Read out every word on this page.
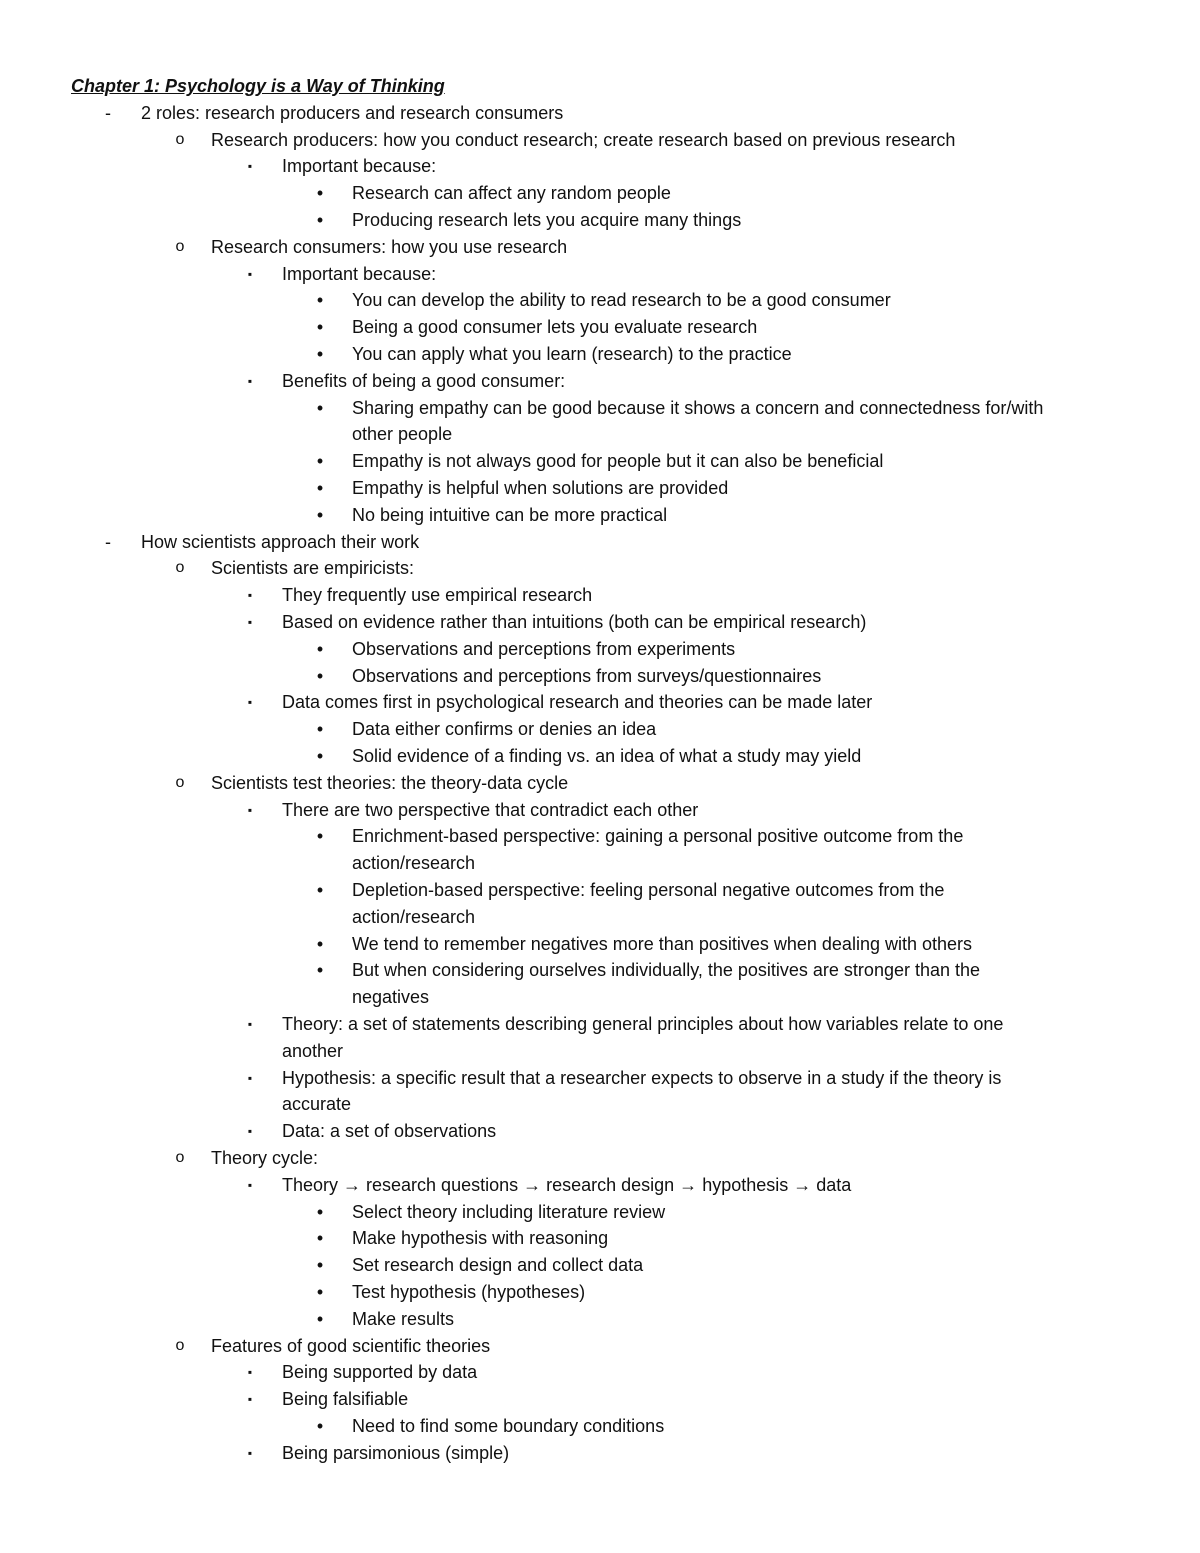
Chapter 1: Psychology is a Way of Thinking
-	2 roles: research producers and research consumers
o	Research producers: how you conduct research; create research based on previous research
▪	Important because:
•	Research can affect any random people
•	Producing research lets you acquire many things
o	Research consumers: how you use research
▪	Important because:
•	You can develop the ability to read research to be a good consumer
•	Being a good consumer lets you evaluate research
•	You can apply what you learn (research) to the practice
▪	Benefits of being a good consumer:
•	Sharing empathy can be good because it shows a concern and connectedness for/with
other people
•	Empathy is not always good for people but it can also be beneficial
•	Empathy is helpful when solutions are provided
•	No being intuitive can be more practical
-	How scientists approach their work
o	Scientists are empiricists:
▪	They frequently use empirical research
▪	Based on evidence rather than intuitions (both can be empirical research)
•	Observations and perceptions from experiments
•	Observations and perceptions from surveys/questionnaires
▪	Data comes first in psychological research and theories can be made later
•	Data either confirms or denies an idea
•	Solid evidence of a finding vs. an idea of what a study may yield
o	Scientists test theories: the theory-data cycle
▪	There are two perspective that contradict each other
•	Enrichment-based perspective: gaining a personal positive outcome from the
action/research
•	Depletion-based perspective: feeling personal negative outcomes from the
action/research
•	We tend to remember negatives more than positives when dealing with others
•	But when considering ourselves individually, the positives are stronger than the
negatives
▪	Theory: a set of statements describing general principles about how variables relate to one
another
▪	Hypothesis: a specific result that a researcher expects to observe in a study if the theory is
accurate
▪	Data: a set of observations
o	Theory cycle:
▪	Theory → research questions → research design → hypothesis → data
•	Select theory including literature review
•	Make hypothesis with reasoning
•	Set research design and collect data
•	Test hypothesis (hypotheses)
•	Make results
o	Features of good scientific theories
▪	Being supported by data
▪	Being falsifiable
•	Need to find some boundary conditions
▪	Being parsimonious (simple)
